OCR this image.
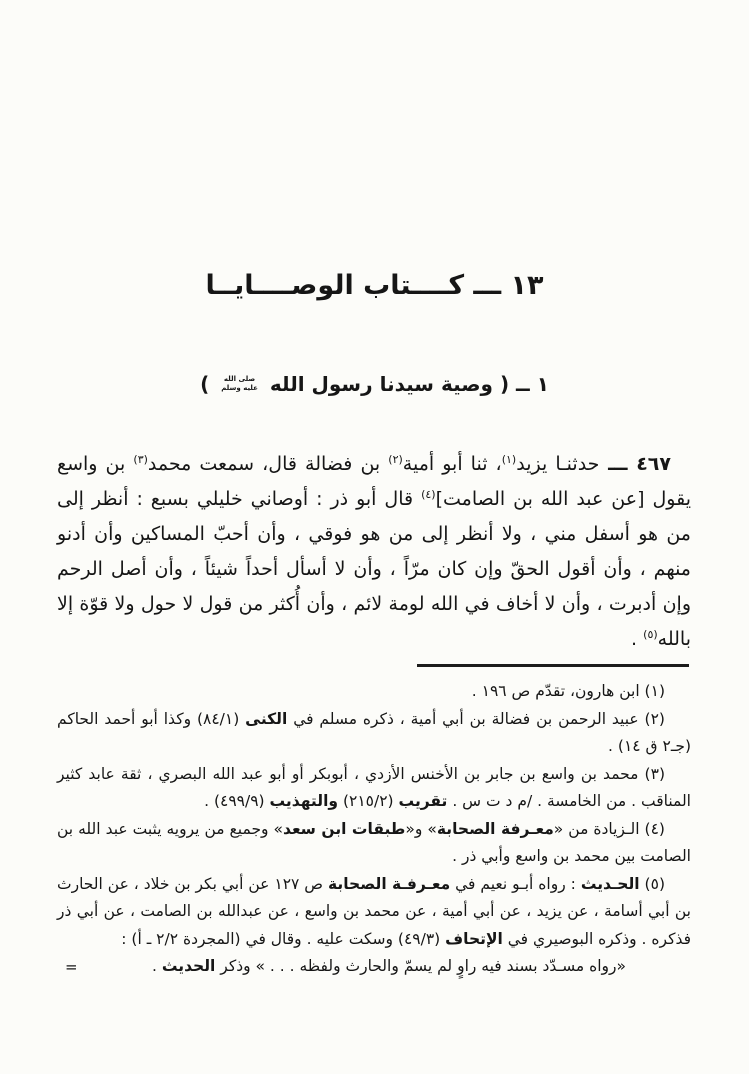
١٣ ـــ كــــتاب الوصــــايــا
١ ــ ( وصية سيدنا رسول الله
صلى الله
عليه وسلم
)

٤٦٧ ـــ حدثنـا يزيد$^{(١)}$، ثنا أبو أمية$^{(٢)}$ بن فضالة قال، سمعت محمد$^{(٣)}$ بن واسع يقول [عن عبد الله بن الصامت]$^{(٤)}$ قال أبو ذر : أوصاني خليلي بسبع : أنظر إلى من هو أسفل مني ، ولا أنظر إلى من هو فوقي ، وأن أحبّ المساكين وأن أدنو منهم ، وأن أقول الحقّ وإن كان مرّاً ، وأن لا أسأل أحداً شيئاً ، وأن أصل الرحم وإن أدبرت ، وأن لا أخاف في الله لومة لائم ، وأن أُكثر من قول لا حول ولا قوّة إلا بالله$^{(٥)}$ .

(١) ابن هارون، تقدّم ص ١٩٦ .

(٢) عبيد الرحمن بن فضالة بن أبي أمية ، ذكره مسلم في الكنى (٨٤/١) وكذا أبو أحمد الحاكم (جـ٢ ق ١٤) .

(٣) محمد بن واسع بن جابر بن الأخنس الأزدي ، أبوبكر أو أبو عبد الله البصري ، ثقة عابد كثير المناقب . من الخامسة . /م د ت س . تقريب (٢١٥/٢) والتهذيب (٤٩٩/٩) .

(٤) الـزيادة من «معـرفة الصحابة» و«طبقات ابن سعد» وجميع من يرويه يثبت عبد الله بن الصامت بين محمد بن واسع وأبي ذر .

(٥) الحـديث : رواه أبـو نعيم في معـرفـة الصحابة ص ١٢٧ عن أبي بكر بن خلاد ، عن الحارث بن أبي أسامة ، عن يزيد ، عن أبي أمية ، عن محمد بن واسع ، عن عبدالله بن الصامت ، عن أبي ذر فذكره . وذكره البوصيري في الإتحاف (٤٩/٣) وسكت عليه . وقال في (المجردة ٢/٢ ـ أ) :

=	«رواه مسـدّد بسند فيه راوٍ لم يسمّ والحارث ولفظه . . . » وذكر الحديث .
